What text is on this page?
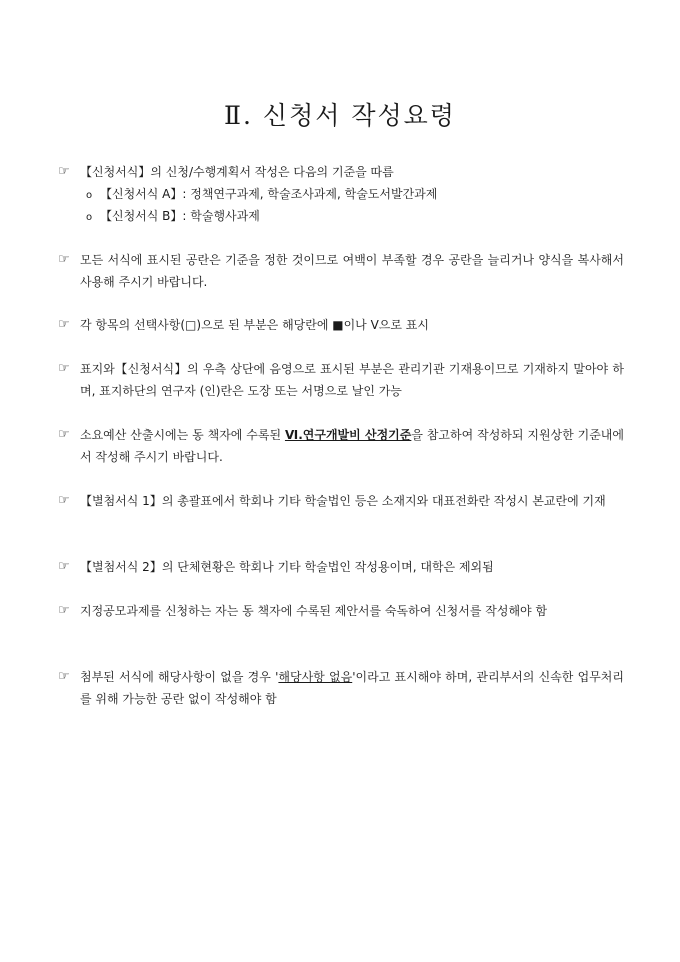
Ⅱ. 신청서 작성요령
☞ 【신청서식】의 신청/수행계획서 작성은 다음의 기준을 따름
o 【신청서식 A】: 정책연구과제, 학술조사과제, 학술도서발간과제
o 【신청서식 B】: 학술행사과제
☞ 모든 서식에 표시된 공란은 기준을 정한 것이므로 여백이 부족할 경우 공란을 늘리거나 양식을 복사해서 사용해 주시기 바랍니다.
☞ 각 항목의 선택사항(□)으로 된 부분은 해당란에 ■이나 V으로 표시
☞ 표지와【신청서식】의 우측 상단에 음영으로 표시된 부분은 관리기관 기재용이므로 기재하지 말아야 하며, 표지하단의 연구자 (인)란은 도장 또는 서명으로 날인 가능
☞ 소요예산 산출시에는 동 책자에 수록된 Ⅵ.연구개발비 산정기준을 참고하여 작성하되 지원상한 기준내에서 작성해 주시기 바랍니다.
☞ 【별첨서식 1】의 총괄표에서 학회나 기타 학술법인 등은 소재지와 대표전화란 작성시 본교란에 기재
☞ 【별첨서식 2】의 단체현황은 학회나 기타 학술법인 작성용이며, 대학은 제외됨
☞ 지정공모과제를 신청하는 자는 동 책자에 수록된 제안서를 숙독하여 신청서를 작성해야 함
☞ 첨부된 서식에 해당사항이 없을 경우 '해당사항 없음'이라고 표시해야 하며, 관리부서의 신속한 업무처리를 위해 가능한 공란 없이 작성해야 함
